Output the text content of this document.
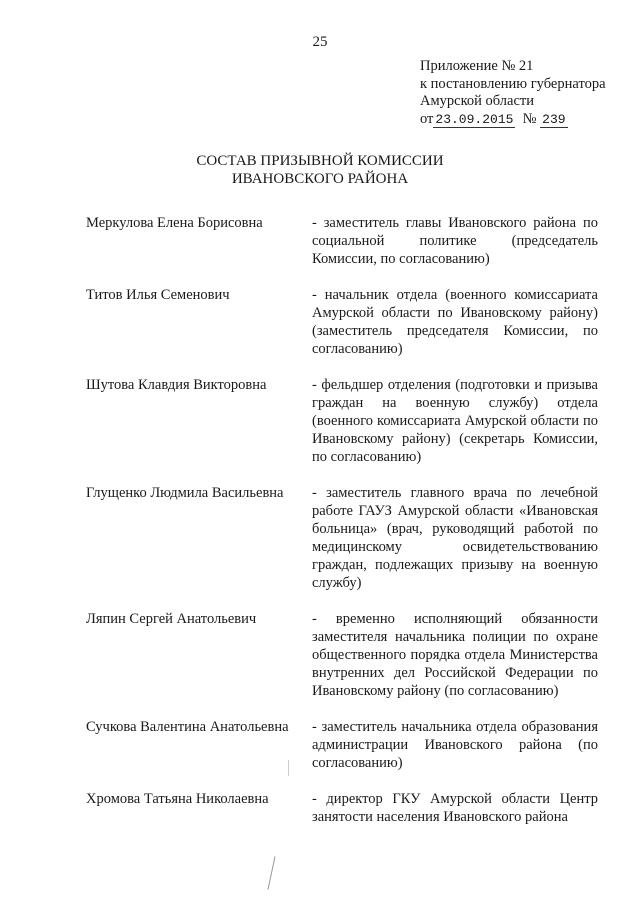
25
Приложение № 21
к постановлению губернатора
Амурской области
от 23.09.2015 № 239
СОСТАВ ПРИЗЫВНОЙ КОМИССИИ
ИВАНОВСКОГО РАЙОНА
Меркулова Елена Борисовна	- заместитель главы Ивановского района по социальной политике (председатель Комиссии, по согласованию)
Титов Илья Семенович	- начальник отдела (военного комиссариата Амурской области по Ивановскому району) (заместитель председателя Комиссии, по согласованию)
Шутова Клавдия Викторовна	- фельдшер отделения (подготовки и призыва граждан на военную службу) отдела (военного комиссариата Амурской области по Ивановскому району) (секретарь Комиссии, по согласованию)
Глущенко Людмила Васильевна	- заместитель главного врача по лечебной работе ГАУЗ Амурской области «Ивановская больница» (врач, руководящий работой по медицинскому освидетельствованию граждан, подлежащих призыву на военную службу)
Ляпин Сергей Анатольевич	- временно исполняющий обязанности заместителя начальника полиции по охране общественного порядка отдела Министерства внутренних дел Российской Федерации по Ивановскому району (по согласованию)
Сучкова Валентина Анатольевна	- заместитель начальника отдела образования администрации Ивановского района (по согласованию)
Хромова Татьяна Николаевна	- директор ГКУ Амурской области Центр занятости населения Ивановского района
